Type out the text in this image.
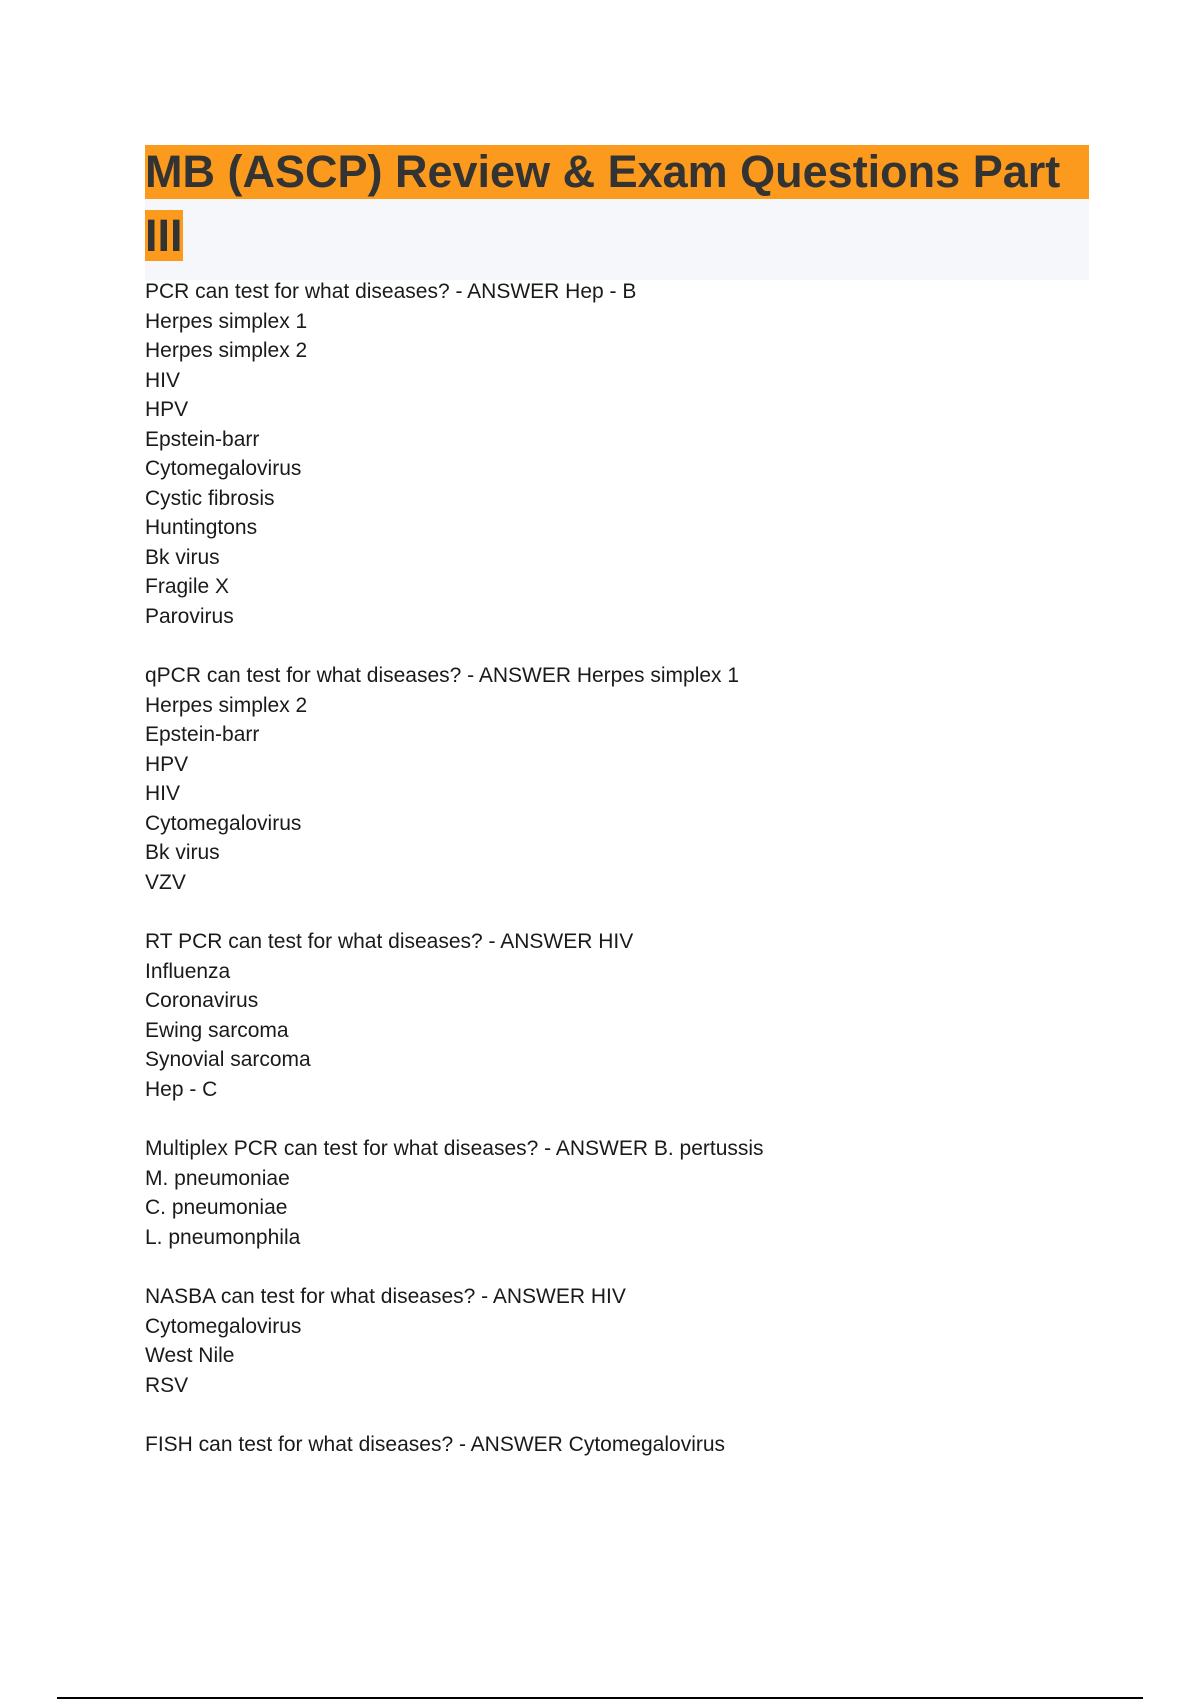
MB (ASCP) Review & Exam Questions Part
III
PCR can test for what diseases? - ANSWER Hep - B
Herpes simplex 1
Herpes simplex 2
HIV
HPV
Epstein-barr
Cytomegalovirus
Cystic fibrosis
Huntingtons
Bk virus
Fragile X
Parovirus
qPCR can test for what diseases? - ANSWER Herpes simplex 1
Herpes simplex 2
Epstein-barr
HPV
HIV
Cytomegalovirus
Bk virus
VZV
RT PCR can test for what diseases? - ANSWER HIV
Influenza
Coronavirus
Ewing sarcoma
Synovial sarcoma
Hep - C
Multiplex PCR can test for what diseases? - ANSWER B. pertussis
M. pneumoniae
C. pneumoniae
L. pneumonphila
NASBA can test for what diseases? - ANSWER HIV
Cytomegalovirus
West Nile
RSV
FISH can test for what diseases? - ANSWER Cytomegalovirus
